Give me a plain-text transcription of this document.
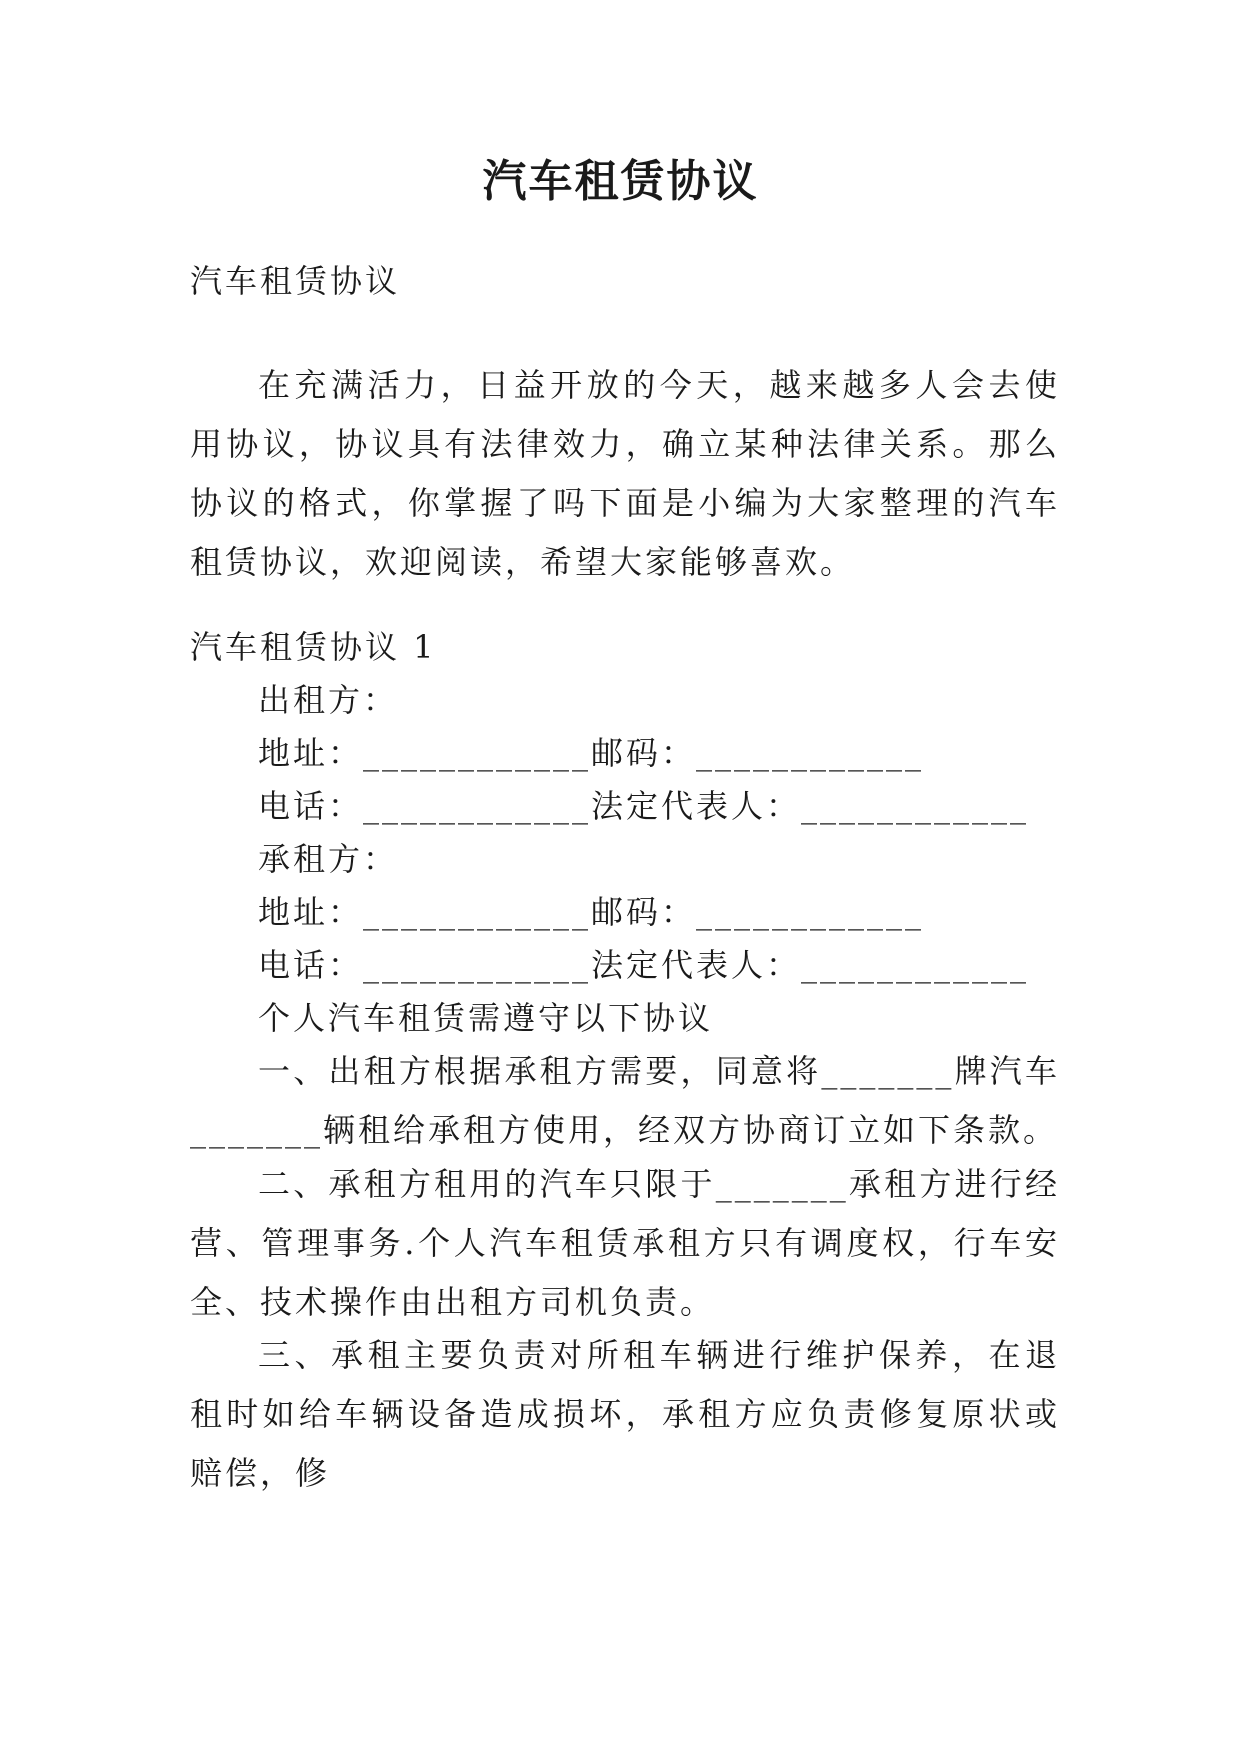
汽车租赁协议
汽车租赁协议
在充满活力，日益开放的今天，越来越多人会去使用协议，协议具有法律效力，确立某种法律关系。那么协议的格式，你掌握了吗下面是小编为大家整理的汽车租赁协议，欢迎阅读，希望大家能够喜欢。
汽车租赁协议 1
出租方：
地址：____________邮码：____________
电话：____________法定代表人：____________
承租方：
地址：____________邮码：____________
电话：____________法定代表人：____________
个人汽车租赁需遵守以下协议
一、出租方根据承租方需要，同意将_______牌汽车_______辆租给承租方使用，经双方协商订立如下条款。
二、承租方租用的汽车只限于_______承租方进行经营、管理事务.个人汽车租赁承租方只有调度权，行车安全、技术操作由出租方司机负责。
三、承租主要负责对所租车辆进行维护保养，在退租时如给车辆设备造成损坏，承租方应负责修复原状或赔偿，修
